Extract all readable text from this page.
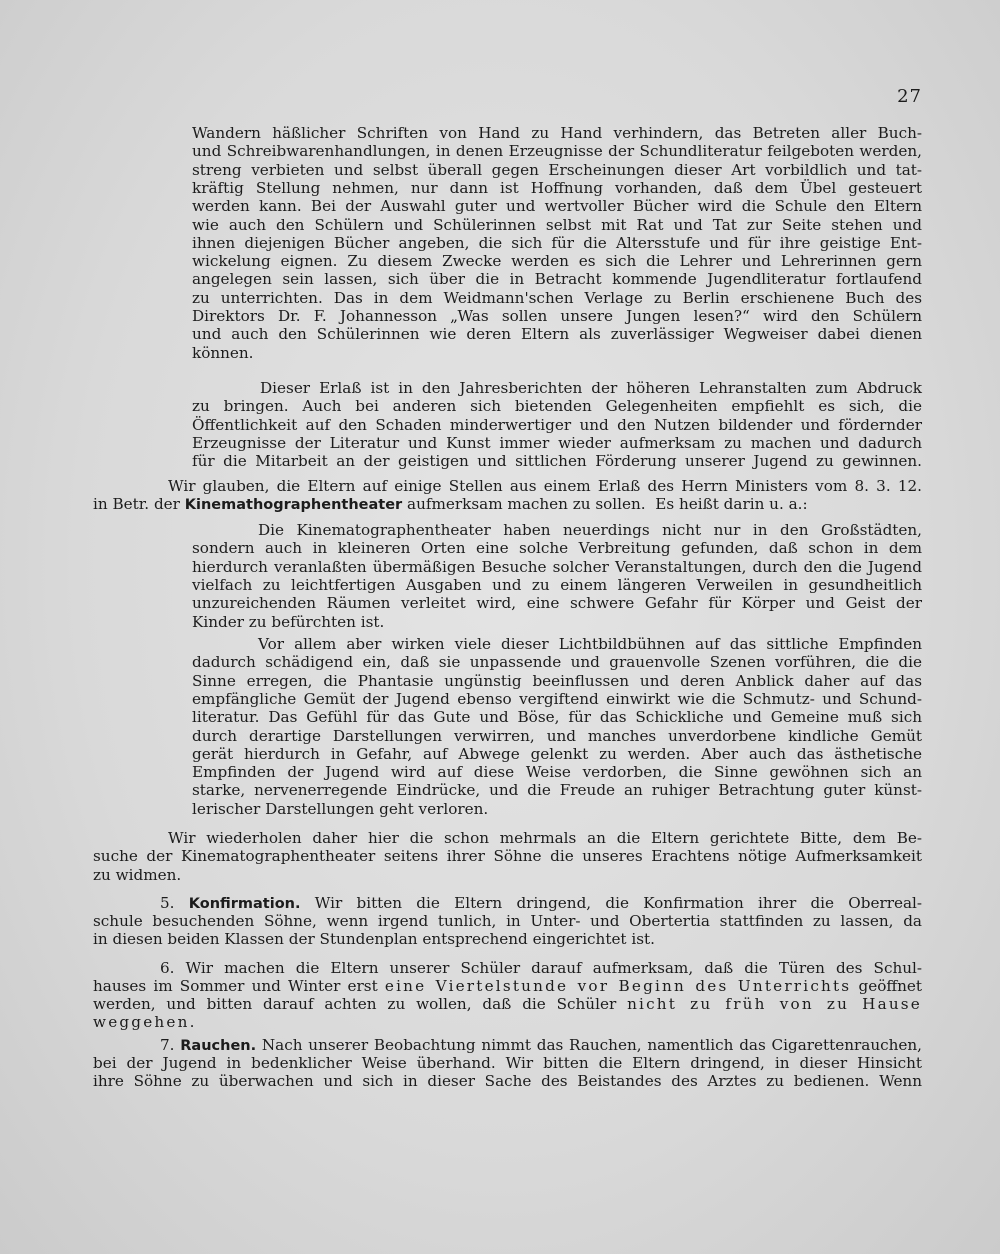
27
Wandern häßlicher Schriften von Hand zu Hand verhindern, das Betreten aller Buch-
und Schreibwarenhandlungen, in denen Erzeugnisse der Schundliteratur feilgeboten werden,
streng verbieten und selbst überall gegen Erscheinungen dieser Art vorbildlich und tat-
kräftig Stellung nehmen, nur dann ist Hoffnung vorhanden, daß dem Übel gesteuert
werden kann. Bei der Auswahl guter und wertvoller Bücher wird die Schule den Eltern
wie auch den Schülern und Schülerinnen selbst mit Rat und Tat zur Seite stehen und
ihnen diejenigen Bücher angeben, die sich für die Altersstufe und für ihre geistige Ent-
wickelung eignen. Zu diesem Zwecke werden es sich die Lehrer und Lehrerinnen gern
angelegen sein lassen, sich über die in Betracht kommende Jugendliteratur fortlaufend
zu unterrichten. Das in dem Weidmann'schen Verlage zu Berlin erschienene Buch des
Direktors Dr. F. Johannesson „Was sollen unsere Jungen lesen?“ wird den Schülern
und auch den Schülerinnen wie deren Eltern als zuverlässiger Wegweiser dabei dienen
können.
Dieser Erlaß ist in den Jahresberichten der höheren Lehranstalten zum Abdruck
zu bringen. Auch bei anderen sich bietenden Gelegenheiten empfiehlt es sich, die
Öffentlichkeit auf den Schaden minderwertiger und den Nutzen bildender und fördernder
Erzeugnisse der Literatur und Kunst immer wieder aufmerksam zu machen und dadurch
für die Mitarbeit an der geistigen und sittlichen Förderung unserer Jugend zu gewinnen.
Wir glauben, die Eltern auf einige Stellen aus einem Erlaß des Herrn Ministers vom 8. 3. 12.
in Betr. der Kinemathographentheater aufmerksam machen zu sollen.  Es heißt darin u. a.:
Die Kinematographentheater haben neuerdings nicht nur in den Großstädten,
sondern auch in kleineren Orten eine solche Verbreitung gefunden, daß schon in dem
hierdurch veranlaßten übermäßigen Besuche solcher Veranstaltungen, durch den die Jugend
vielfach zu leichtfertigen Ausgaben und zu einem längeren Verweilen in gesundheitlich
unzureichenden Räumen verleitet wird, eine schwere Gefahr für Körper und Geist der
Kinder zu befürchten ist.
Vor allem aber wirken viele dieser Lichtbildbühnen auf das sittliche Empfinden
dadurch schädigend ein, daß sie unpassende und grauenvolle Szenen vorführen, die die
Sinne erregen, die Phantasie ungünstig beeinflussen und deren Anblick daher auf das
empfängliche Gemüt der Jugend ebenso vergiftend einwirkt wie die Schmutz- und Schund-
literatur. Das Gefühl für das Gute und Böse, für das Schickliche und Gemeine muß sich
durch derartige Darstellungen verwirren, und manches unverdorbene kindliche Gemüt
gerät hierdurch in Gefahr, auf Abwege gelenkt zu werden. Aber auch das ästhetische
Empfinden der Jugend wird auf diese Weise verdorben, die Sinne gewöhnen sich an
starke, nervenerregende Eindrücke, und die Freude an ruhiger Betrachtung guter künst-
lerischer Darstellungen geht verloren.
Wir wiederholen daher hier die schon mehrmals an die Eltern gerichtete Bitte, dem Be-
suche der Kinematographentheater seitens ihrer Söhne die unseres Erachtens nötige Aufmerksamkeit
zu widmen.
5. Konfirmation. Wir bitten die Eltern dringend, die Konfirmation ihrer die Oberreal-
schule besuchenden Söhne, wenn irgend tunlich, in Unter- und Obertertia stattfinden zu lassen, da
in diesen beiden Klassen der Stundenplan entsprechend eingerichtet ist.
6. Wir machen die Eltern unserer Schüler darauf aufmerksam, daß die Türen des Schul-
hauses im Sommer und Winter erst eine Viertelstunde vor Beginn des Unterrichts geöffnet
werden, und bitten darauf achten zu wollen, daß die Schüler nicht zu früh von zu Hause
weggehen.
7. Rauchen. Nach unserer Beobachtung nimmt das Rauchen, namentlich das Cigarettenrauchen,
bei der Jugend in bedenklicher Weise überhand. Wir bitten die Eltern dringend, in dieser Hinsicht
ihre Söhne zu überwachen und sich in dieser Sache des Beistandes des Arztes zu bedienen. Wenn
